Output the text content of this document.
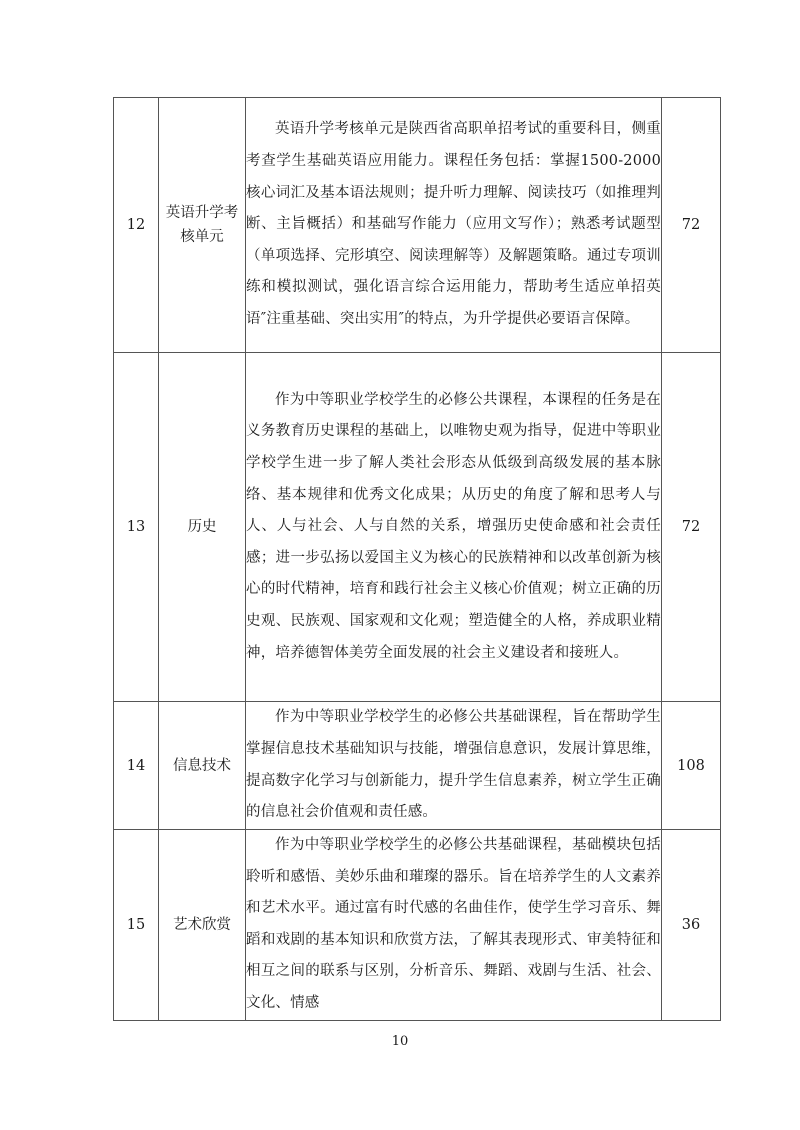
12	英语升学考核单元	英语升学考核单元是陕西省高职单招考试的重要科目，侧重考查学生基础英语应用能力。课程任务包括：掌握1500-2000核心词汇及基本语法规则；提升听力理解、阅读技巧（如推理判断、主旨概括）和基础写作能力（应用文写作）；熟悉考试题型（单项选择、完形填空、阅读理解等）及解题策略。通过专项训练和模拟测试，强化语言综合运用能力，帮助考生适应单招英语″注重基础、突出实用″的特点，为升学提供必要语言保障。	72
13	历史	作为中等职业学校学生的必修公共课程，本课程的任务是在义务教育历史课程的基础上，以唯物史观为指导，促进中等职业学校学生进一步了解人类社会形态从低级到高级发展的基本脉络、基本规律和优秀文化成果；从历史的角度了解和思考人与人、人与社会、人与自然的关系，增强历史使命感和社会责任感；进一步弘扬以爱国主义为核心的民族精神和以改革创新为核心的时代精神，培育和践行社会主义核心价值观；树立正确的历史观、民族观、国家观和文化观；塑造健全的人格，养成职业精神，培养德智体美劳全面发展的社会主义建设者和接班人。	72
14	信息技术	作为中等职业学校学生的必修公共基础课程，旨在帮助学生掌握信息技术基础知识与技能，增强信息意识，发展计算思维，提高数字化学习与创新能力，提升学生信息素养，树立学生正确的信息社会价值观和责任感。	108
15	艺术欣赏	作为中等职业学校学生的必修公共基础课程，基础模块包括聆听和感悟、美妙乐曲和璀璨的器乐。旨在培养学生的人文素养和艺术水平。通过富有时代感的名曲佳作，使学生学习音乐、舞蹈和戏剧的基本知识和欣赏方法，了解其表现形式、审美特征和相互之间的联系与区别，分析音乐、舞蹈、戏剧与生活、社会、文化、情感	36
10
